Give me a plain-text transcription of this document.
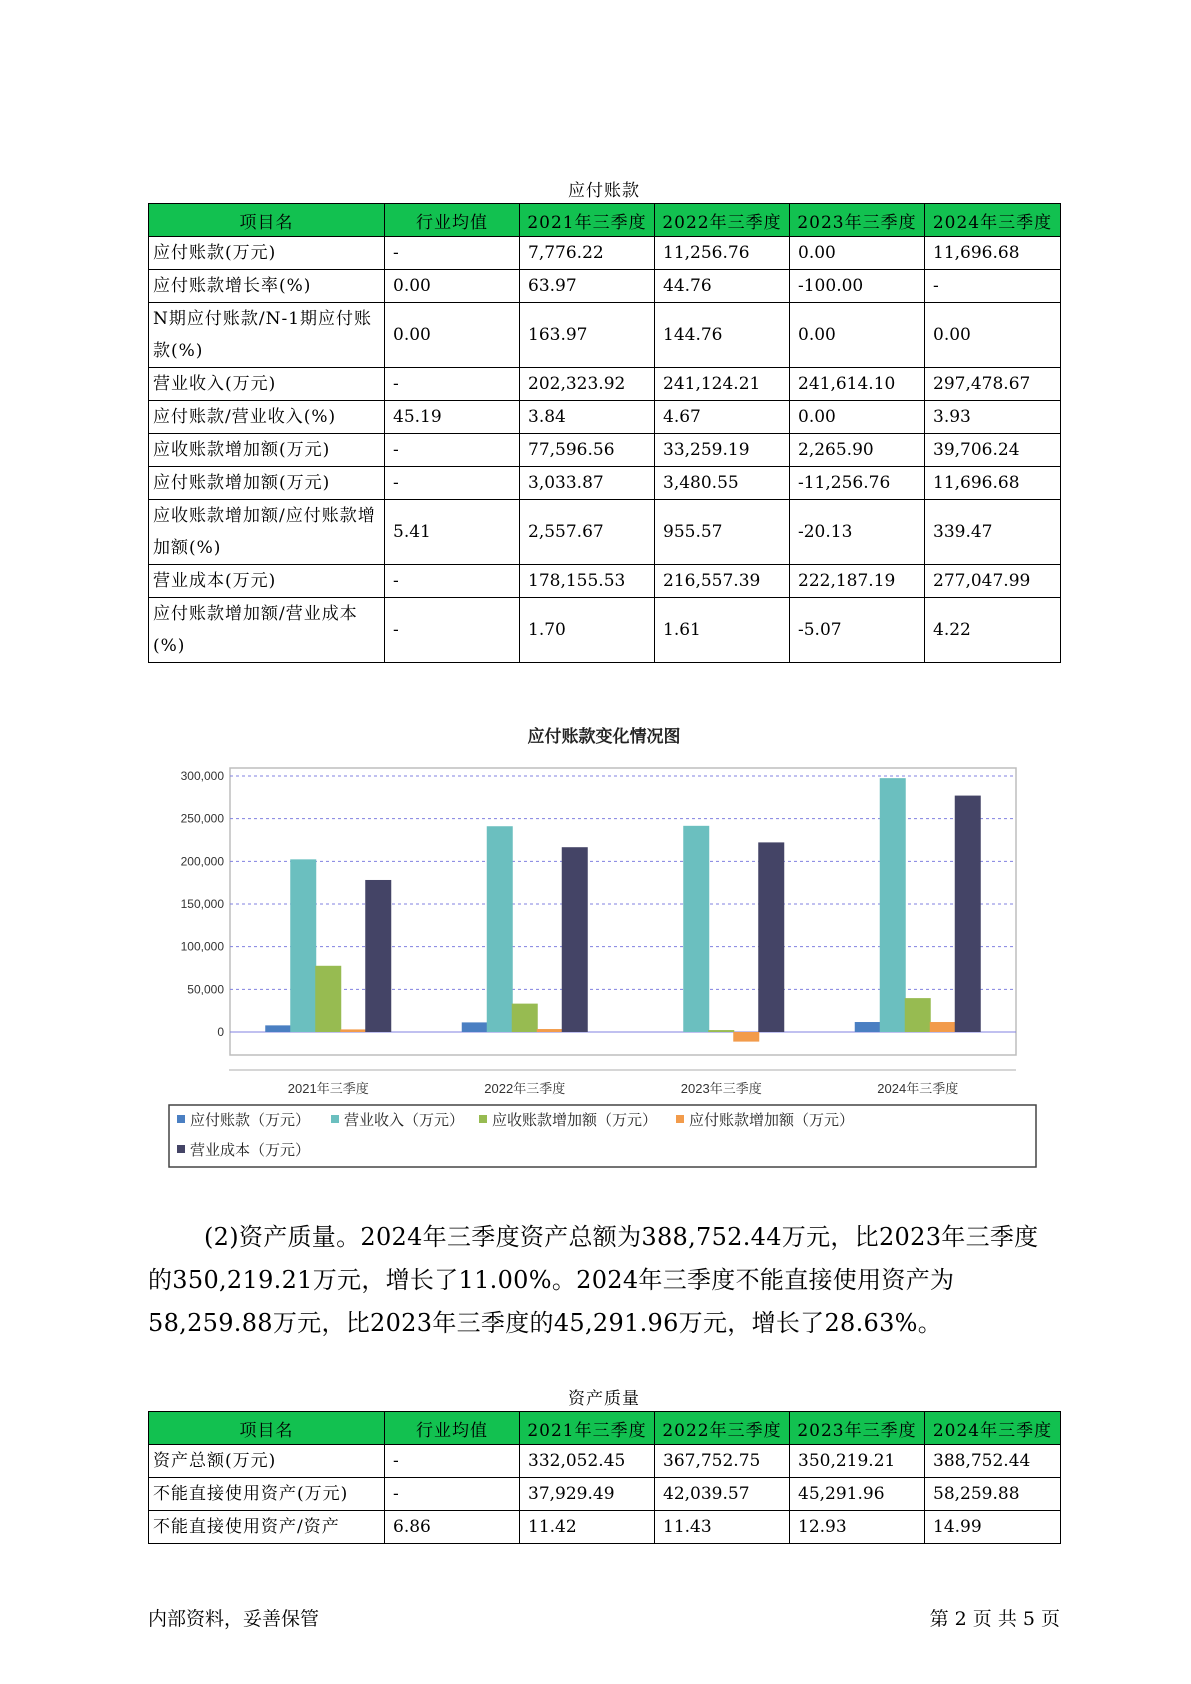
应付账款
项目名	行业均值	2021年三季度	2022年三季度	2023年三季度	2024年三季度
应付账款(万元)	-	7,776.22	11,256.76	0.00	11,696.68
应付账款增长率(%)	0.00	63.97	44.76	-100.00	-
N期应付账款/N-1期应付账款(%)	0.00	163.97	144.76	0.00	0.00
营业收入(万元)	-	202,323.92	241,124.21	241,614.10	297,478.67
应付账款/营业收入(%)	45.19	3.84	4.67	0.00	3.93
应收账款增加额(万元)	-	77,596.56	33,259.19	2,265.90	39,706.24
应付账款增加额(万元)	-	3,033.87	3,480.55	-11,256.76	11,696.68
应收账款增加额/应付账款增加额(%)	5.41	2,557.67	955.57	-20.13	339.47
营业成本(万元)	-	178,155.53	216,557.39	222,187.19	277,047.99
应付账款增加额/营业成本(%)	-	1.70	1.61	-5.07	4.22
应付账款变化情况图
0
50,000
100,000
150,000
200,000
250,000
300,000
2021年三季度	2022年三季度	2023年三季度	2024年三季度
应付账款（万元） 营业收入（万元） 应收账款增加额（万元） 应付账款增加额（万元）
营业成本（万元）

(2)资产质量。2024年三季度资产总额为388,752.44万元，比2023年三季度的350,219.21万元，增长了11.00%。2024年三季度不能直接使用资产为58,259.88万元，比2023年三季度的45,291.96万元，增长了28.63%。

资产质量
项目名	行业均值	2021年三季度	2022年三季度	2023年三季度	2024年三季度
资产总额(万元)	-	332,052.45	367,752.75	350,219.21	388,752.44
不能直接使用资产(万元)	-	37,929.49	42,039.57	45,291.96	58,259.88
不能直接使用资产/资产	6.86	11.42	11.43	12.93	14.99
内部资料，妥善保管	第 2 页 共 5 页
